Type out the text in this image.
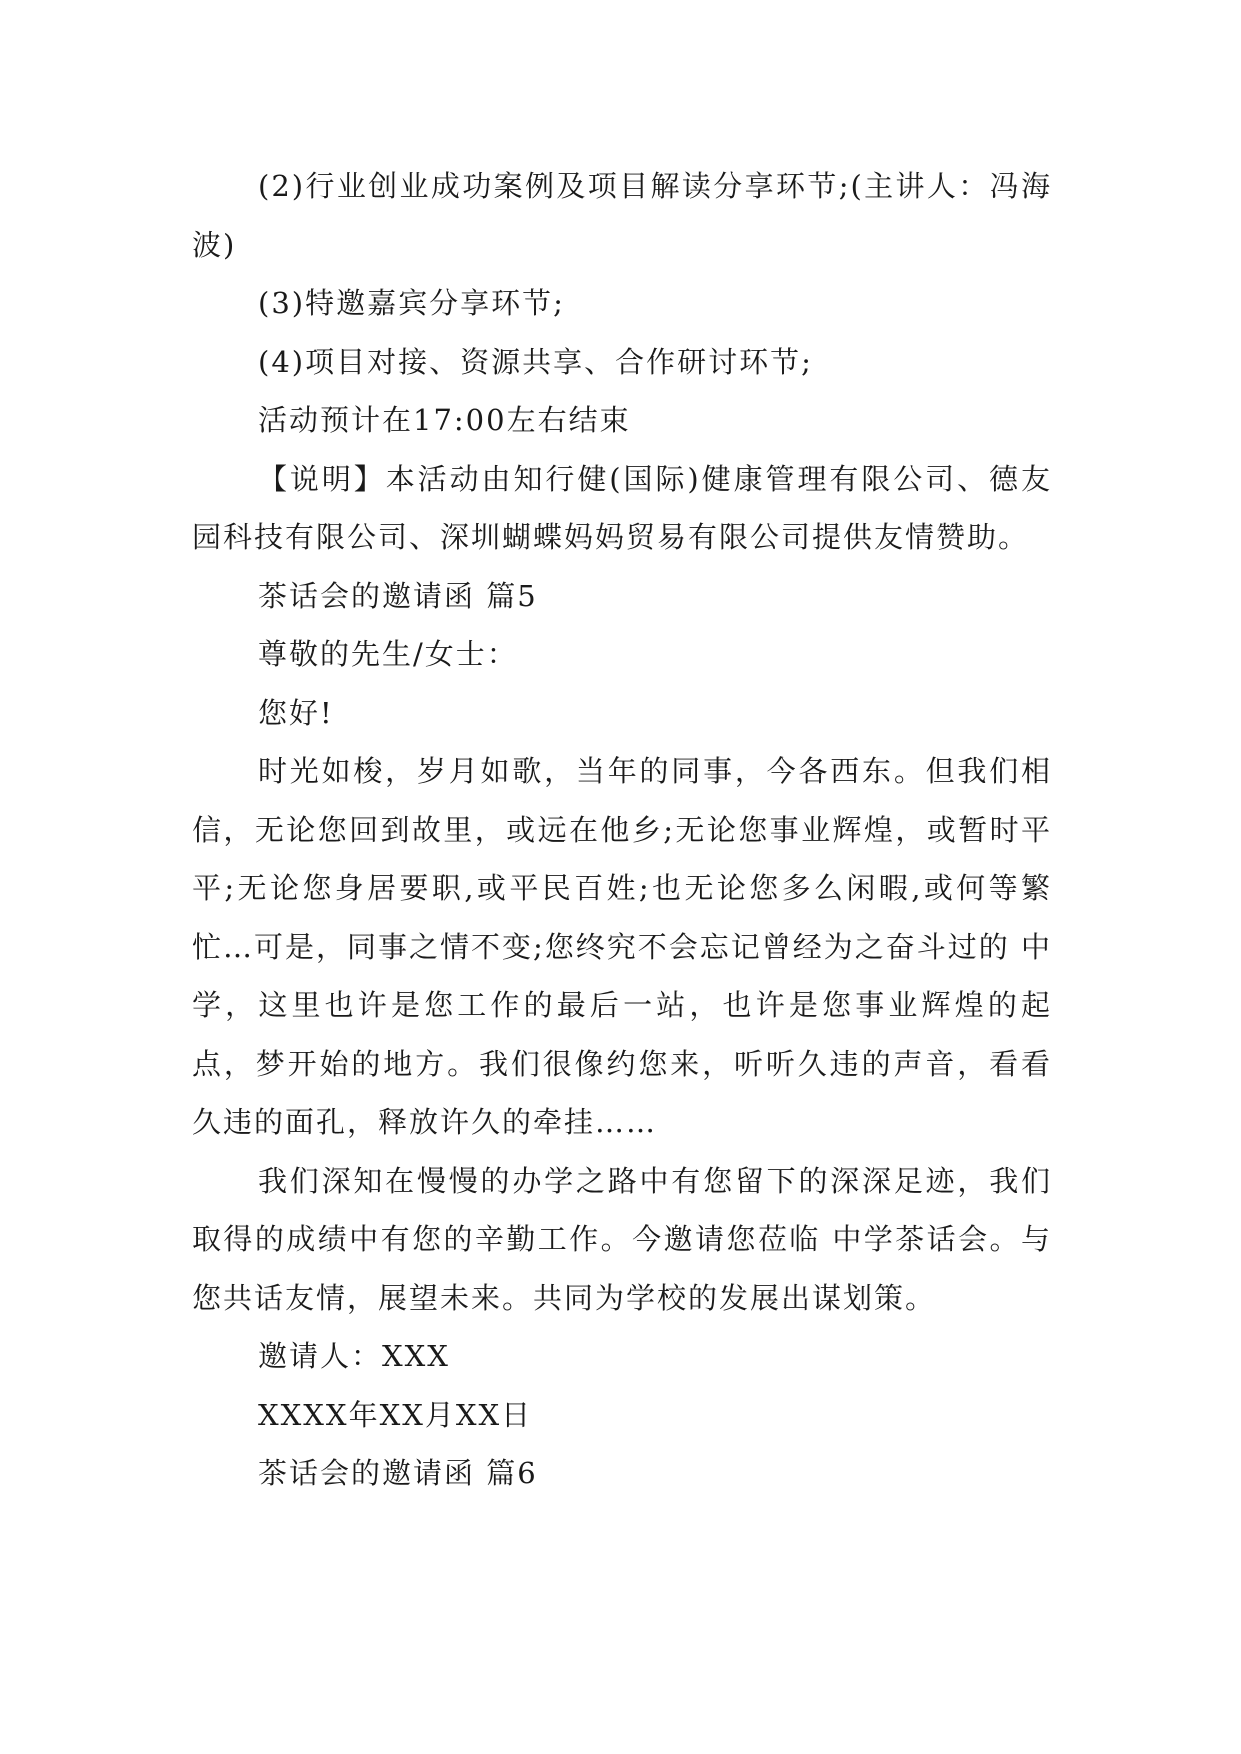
(2)行业创业成功案例及项目解读分享环节;(主讲人：冯海波)

(3)特邀嘉宾分享环节;

(4)项目对接、资源共享、合作研讨环节;

活动预计在17:00左右结束

【说明】本活动由知行健(国际)健康管理有限公司、德友园科技有限公司、深圳蝴蝶妈妈贸易有限公司提供友情赞助。

茶话会的邀请函 篇5

尊敬的先生/女士：

您好!

时光如梭，岁月如歌，当年的同事，今各西东。但我们相信，无论您回到故里，或远在他乡;无论您事业辉煌，或暂时平平;无论您身居要职,或平民百姓;也无论您多么闲暇,或何等繁忙…可是，同事之情不变;您终究不会忘记曾经为之奋斗过的 中学，这里也许是您工作的最后一站，也许是您事业辉煌的起点，梦开始的地方。我们很像约您来，听听久违的声音，看看久违的面孔，释放许久的牵挂……

我们深知在慢慢的办学之路中有您留下的深深足迹，我们取得的成绩中有您的辛勤工作。今邀请您莅临 中学茶话会。与您共话友情，展望未来。共同为学校的发展出谋划策。

邀请人：XXX

XXXX年XX月XX日

茶话会的邀请函 篇6
